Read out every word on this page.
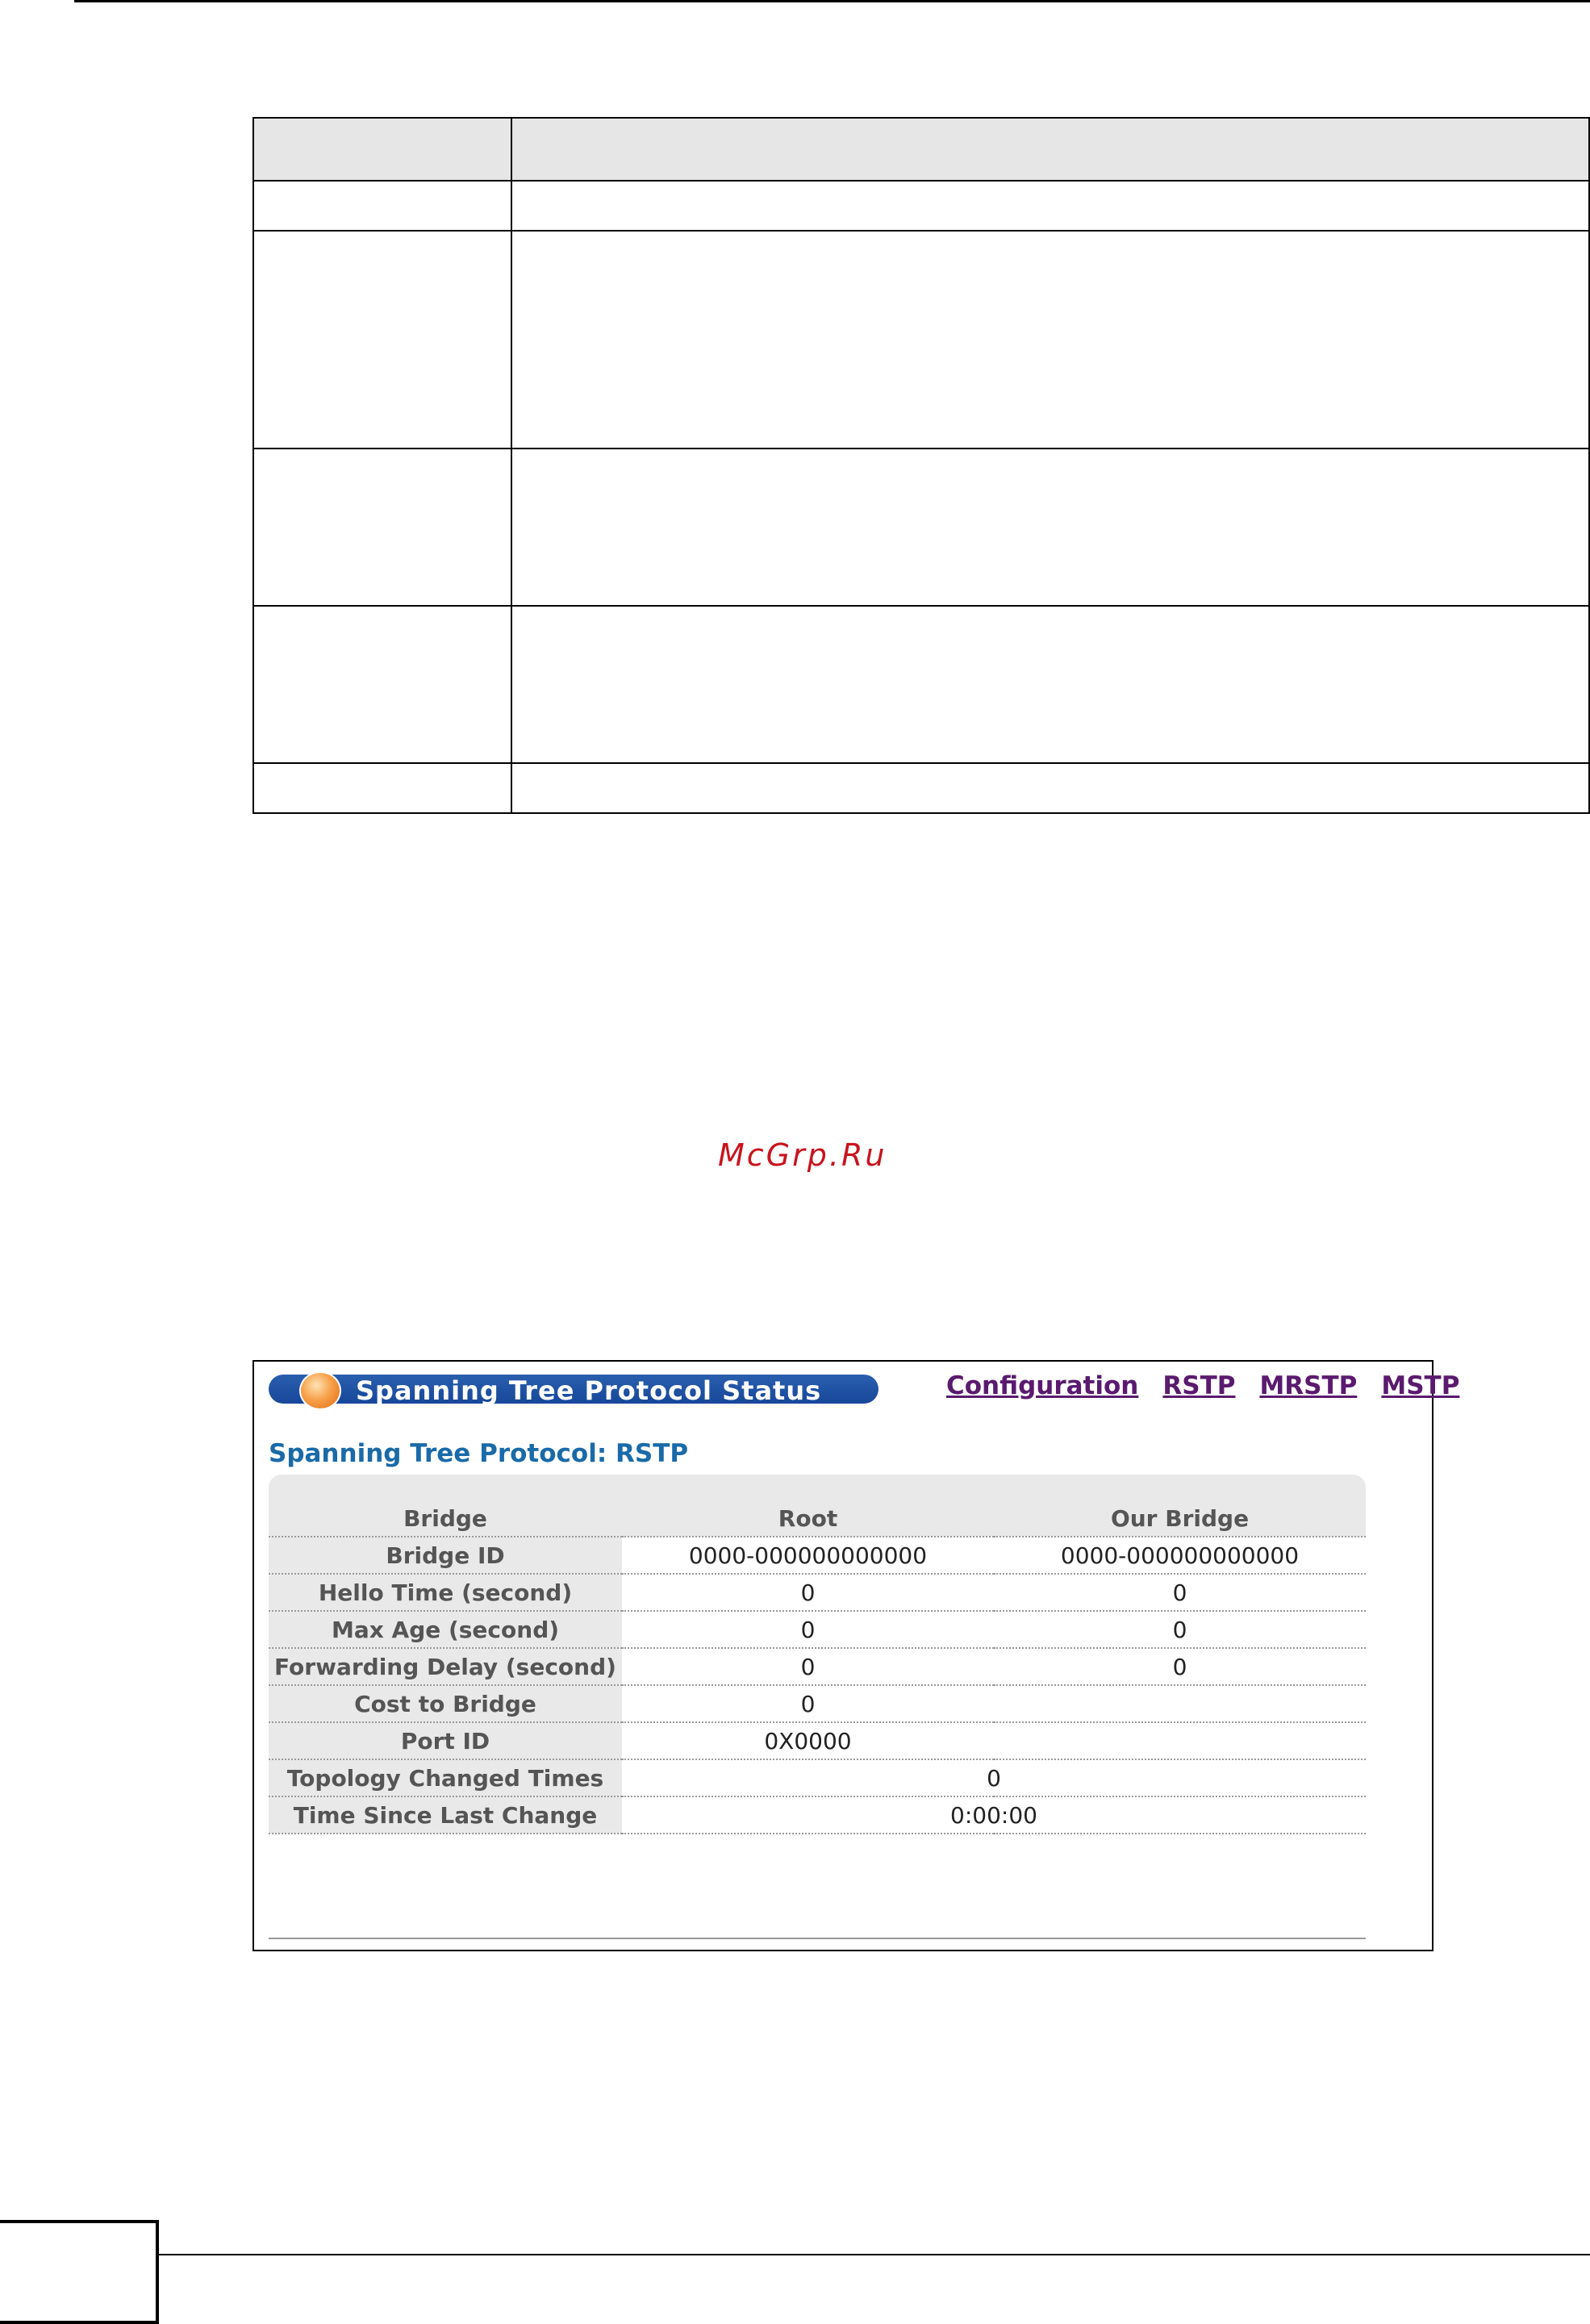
McGrp.Ru
Spanning Tree Protocol Status	Configuration RSTP MRSTP MSTP
Spanning Tree Protocol: RSTP
Bridge	Root	Our Bridge
Bridge ID	0000-000000000000	0000-000000000000
Hello Time (second)	0	0
Max Age (second)	0	0
Forwarding Delay (second)	0	0
Cost to Bridge	0	
Port ID	0X0000	
Topology Changed Times	0	
Time Since Last Change	0:00:00	
